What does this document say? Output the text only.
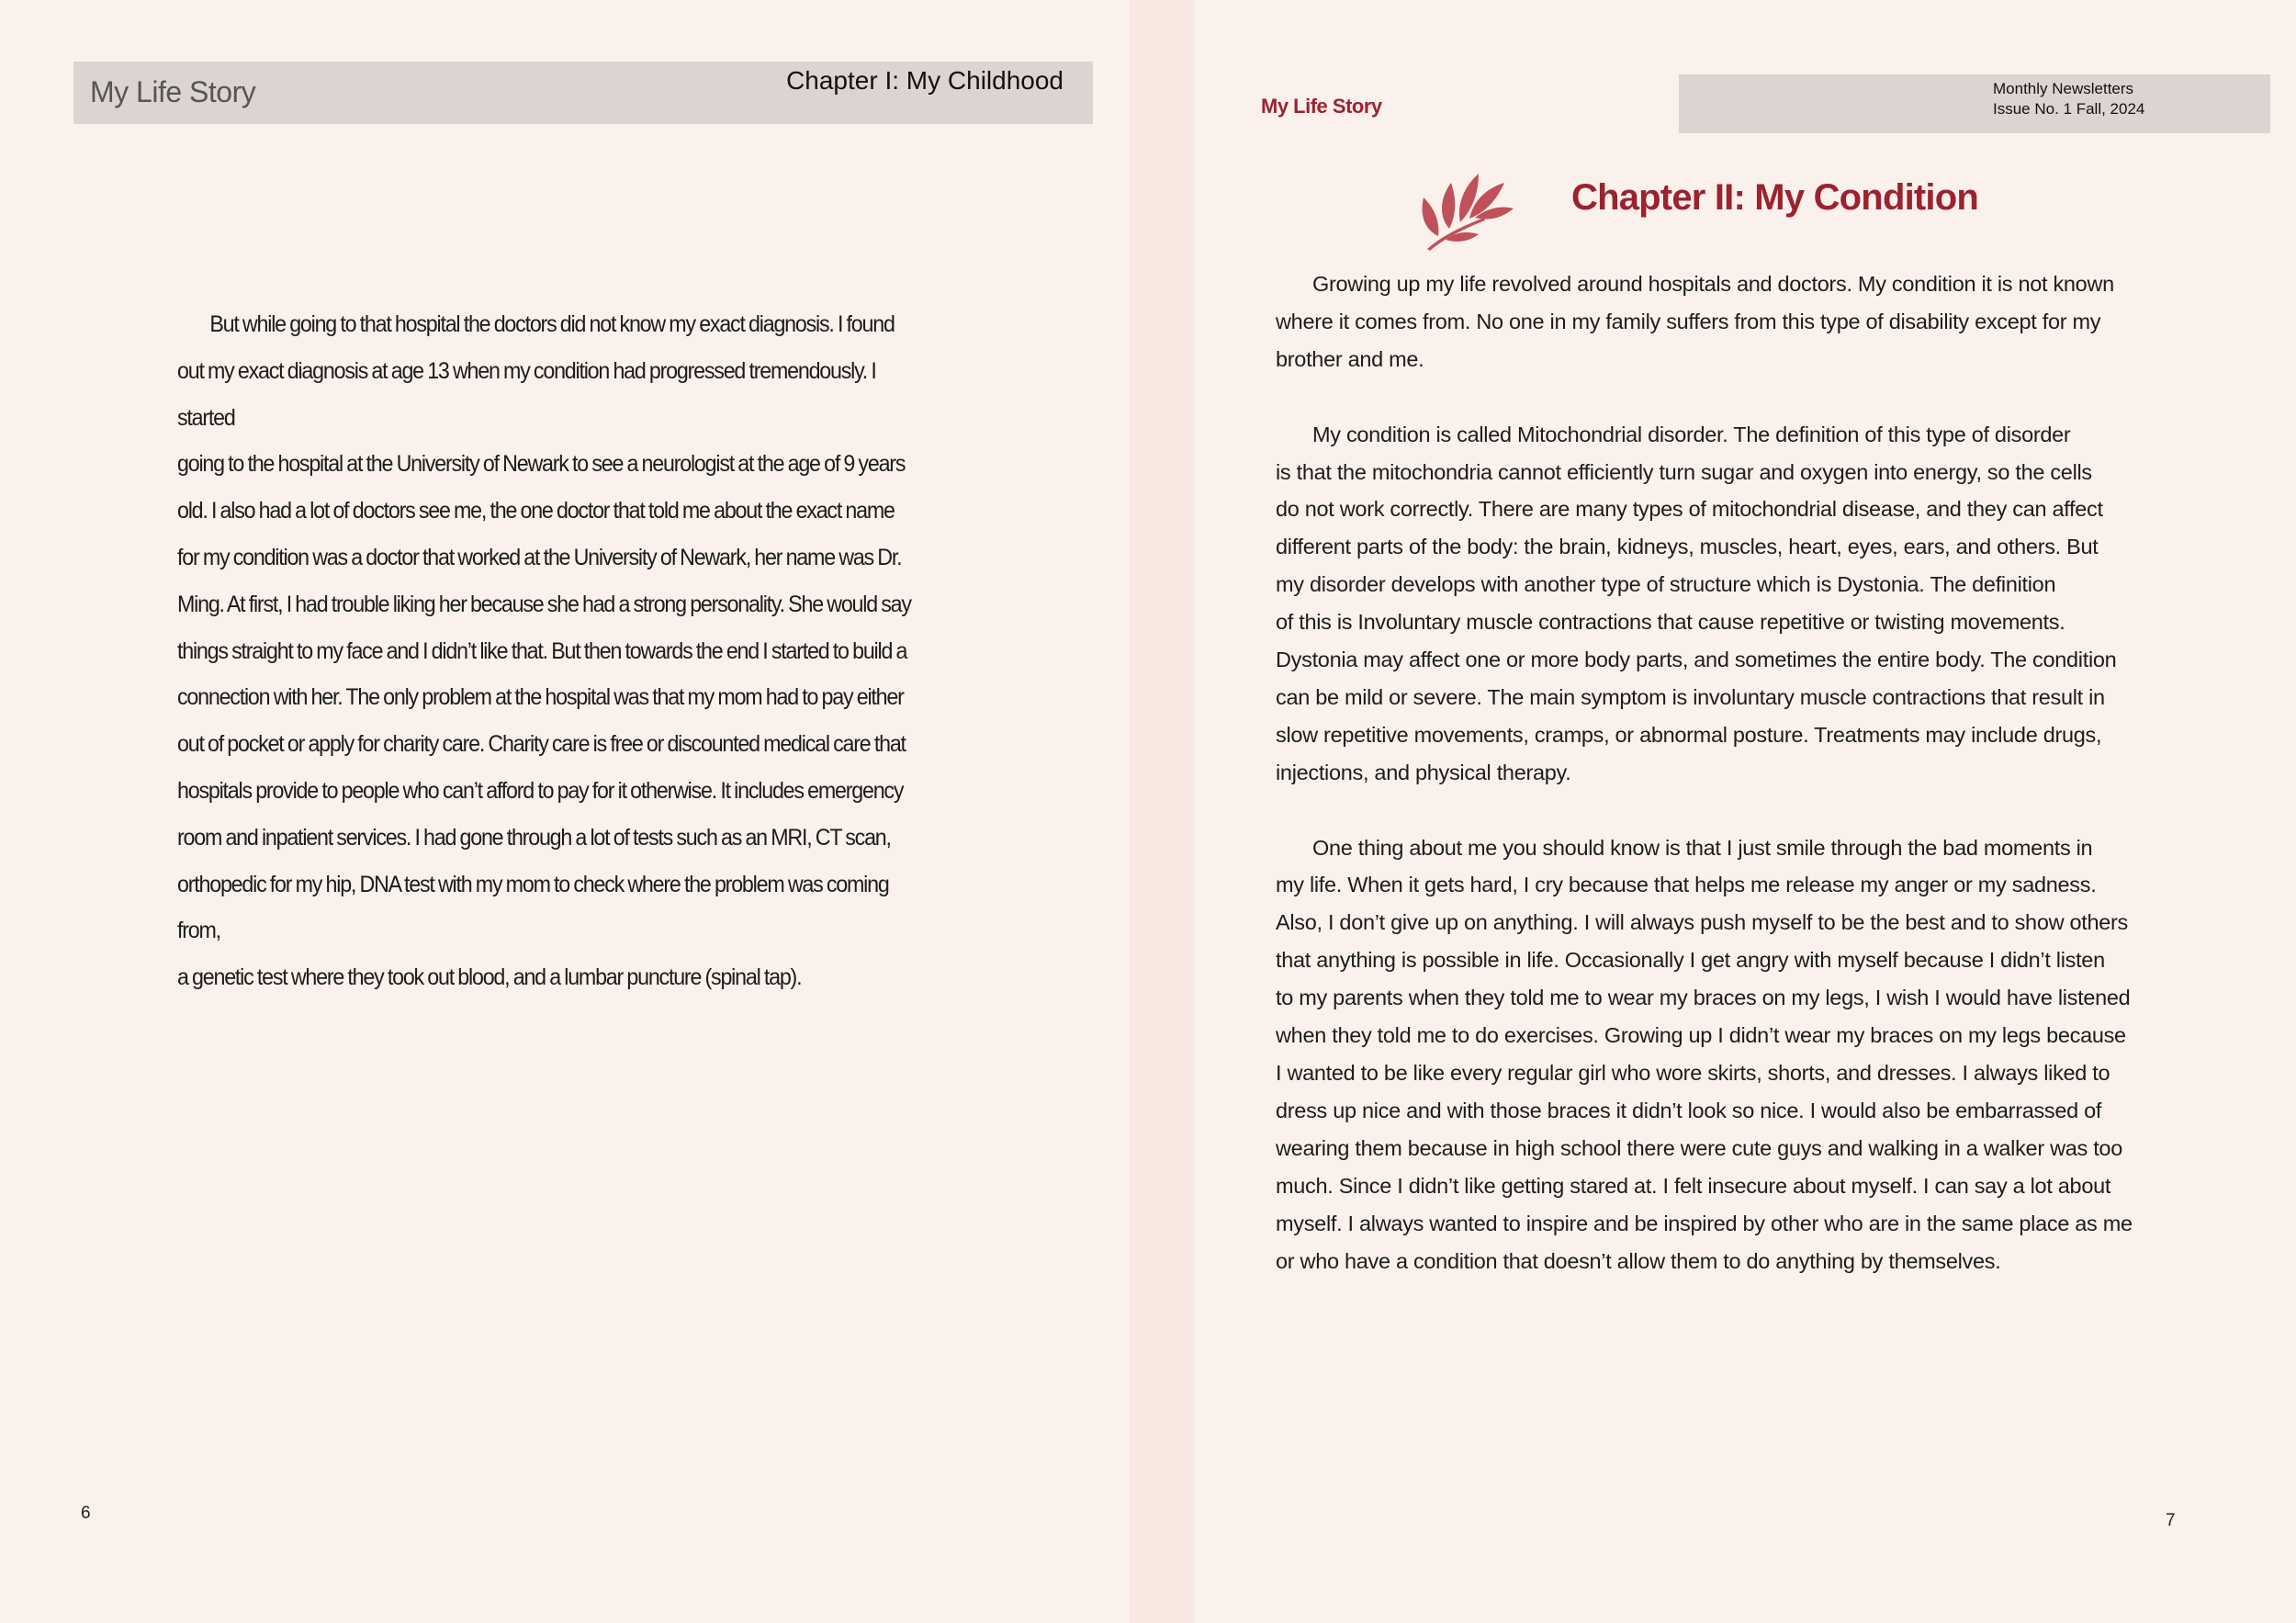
My Life Story	Chapter I: My Childhood

But while going to that hospital the doctors did not know my exact diagnosis. I found
out my exact diagnosis at age 13 when my condition had progressed tremendously. I started
going to the hospital at the University of Newark to see a neurologist at the age of 9 years
old. I also had a lot of doctors see me, the one doctor that told me about the exact name
for my condition was a doctor that worked at the University of Newark, her name was Dr.
Ming. At first, I had trouble liking her because she had a strong personality. She would say
things straight to my face and I didn’t like that. But then towards the end I started to build a
connection with her. The only problem at the hospital was that my mom had to pay either
out of pocket or apply for charity care. Charity care is free or discounted medical care that
hospitals provide to people who can’t afford to pay for it otherwise. It includes emergency
room and inpatient services. I had gone through a lot of tests such as an MRI, CT scan,
orthopedic for my hip, DNA test with my mom to check where the problem was coming from,
a genetic test where they took out blood, and a lumbar puncture (spinal tap).

6
My Life Story
Monthly Newsletters
Issue No. 1 Fall, 2024
Chapter II: My Condition

Growing up my life revolved around hospitals and doctors. My condition it is not known
where it comes from. No one in my family suffers from this type of disability except for my
brother and me.

My condition is called Mitochondrial disorder. The definition of this type of disorder
is that the mitochondria cannot efficiently turn sugar and oxygen into energy, so the cells
do not work correctly. There are many types of mitochondrial disease, and they can affect
different parts of the body: the brain, kidneys, muscles, heart, eyes, ears, and others. But
my disorder develops with another type of structure which is Dystonia. The definition
of this is Involuntary muscle contractions that cause repetitive or twisting movements.
Dystonia may affect one or more body parts, and sometimes the entire body. The condition
can be mild or severe. The main symptom is involuntary muscle contractions that result in
slow repetitive movements, cramps, or abnormal posture. Treatments may include drugs,
injections, and physical therapy.

One thing about me you should know is that I just smile through the bad moments in
my life. When it gets hard, I cry because that helps me release my anger or my sadness.
Also, I don’t give up on anything. I will always push myself to be the best and to show others
that anything is possible in life. Occasionally I get angry with myself because I didn’t listen
to my parents when they told me to wear my braces on my legs, I wish I would have listened
when they told me to do exercises. Growing up I didn’t wear my braces on my legs because
I wanted to be like every regular girl who wore skirts, shorts, and dresses. I always liked to
dress up nice and with those braces it didn’t look so nice. I would also be embarrassed of
wearing them because in high school there were cute guys and walking in a walker was too
much. Since I didn’t like getting stared at. I felt insecure about myself. I can say a lot about
myself. I always wanted to inspire and be inspired by other who are in the same place as me
or who have a condition that doesn’t allow them to do anything by themselves.

7
